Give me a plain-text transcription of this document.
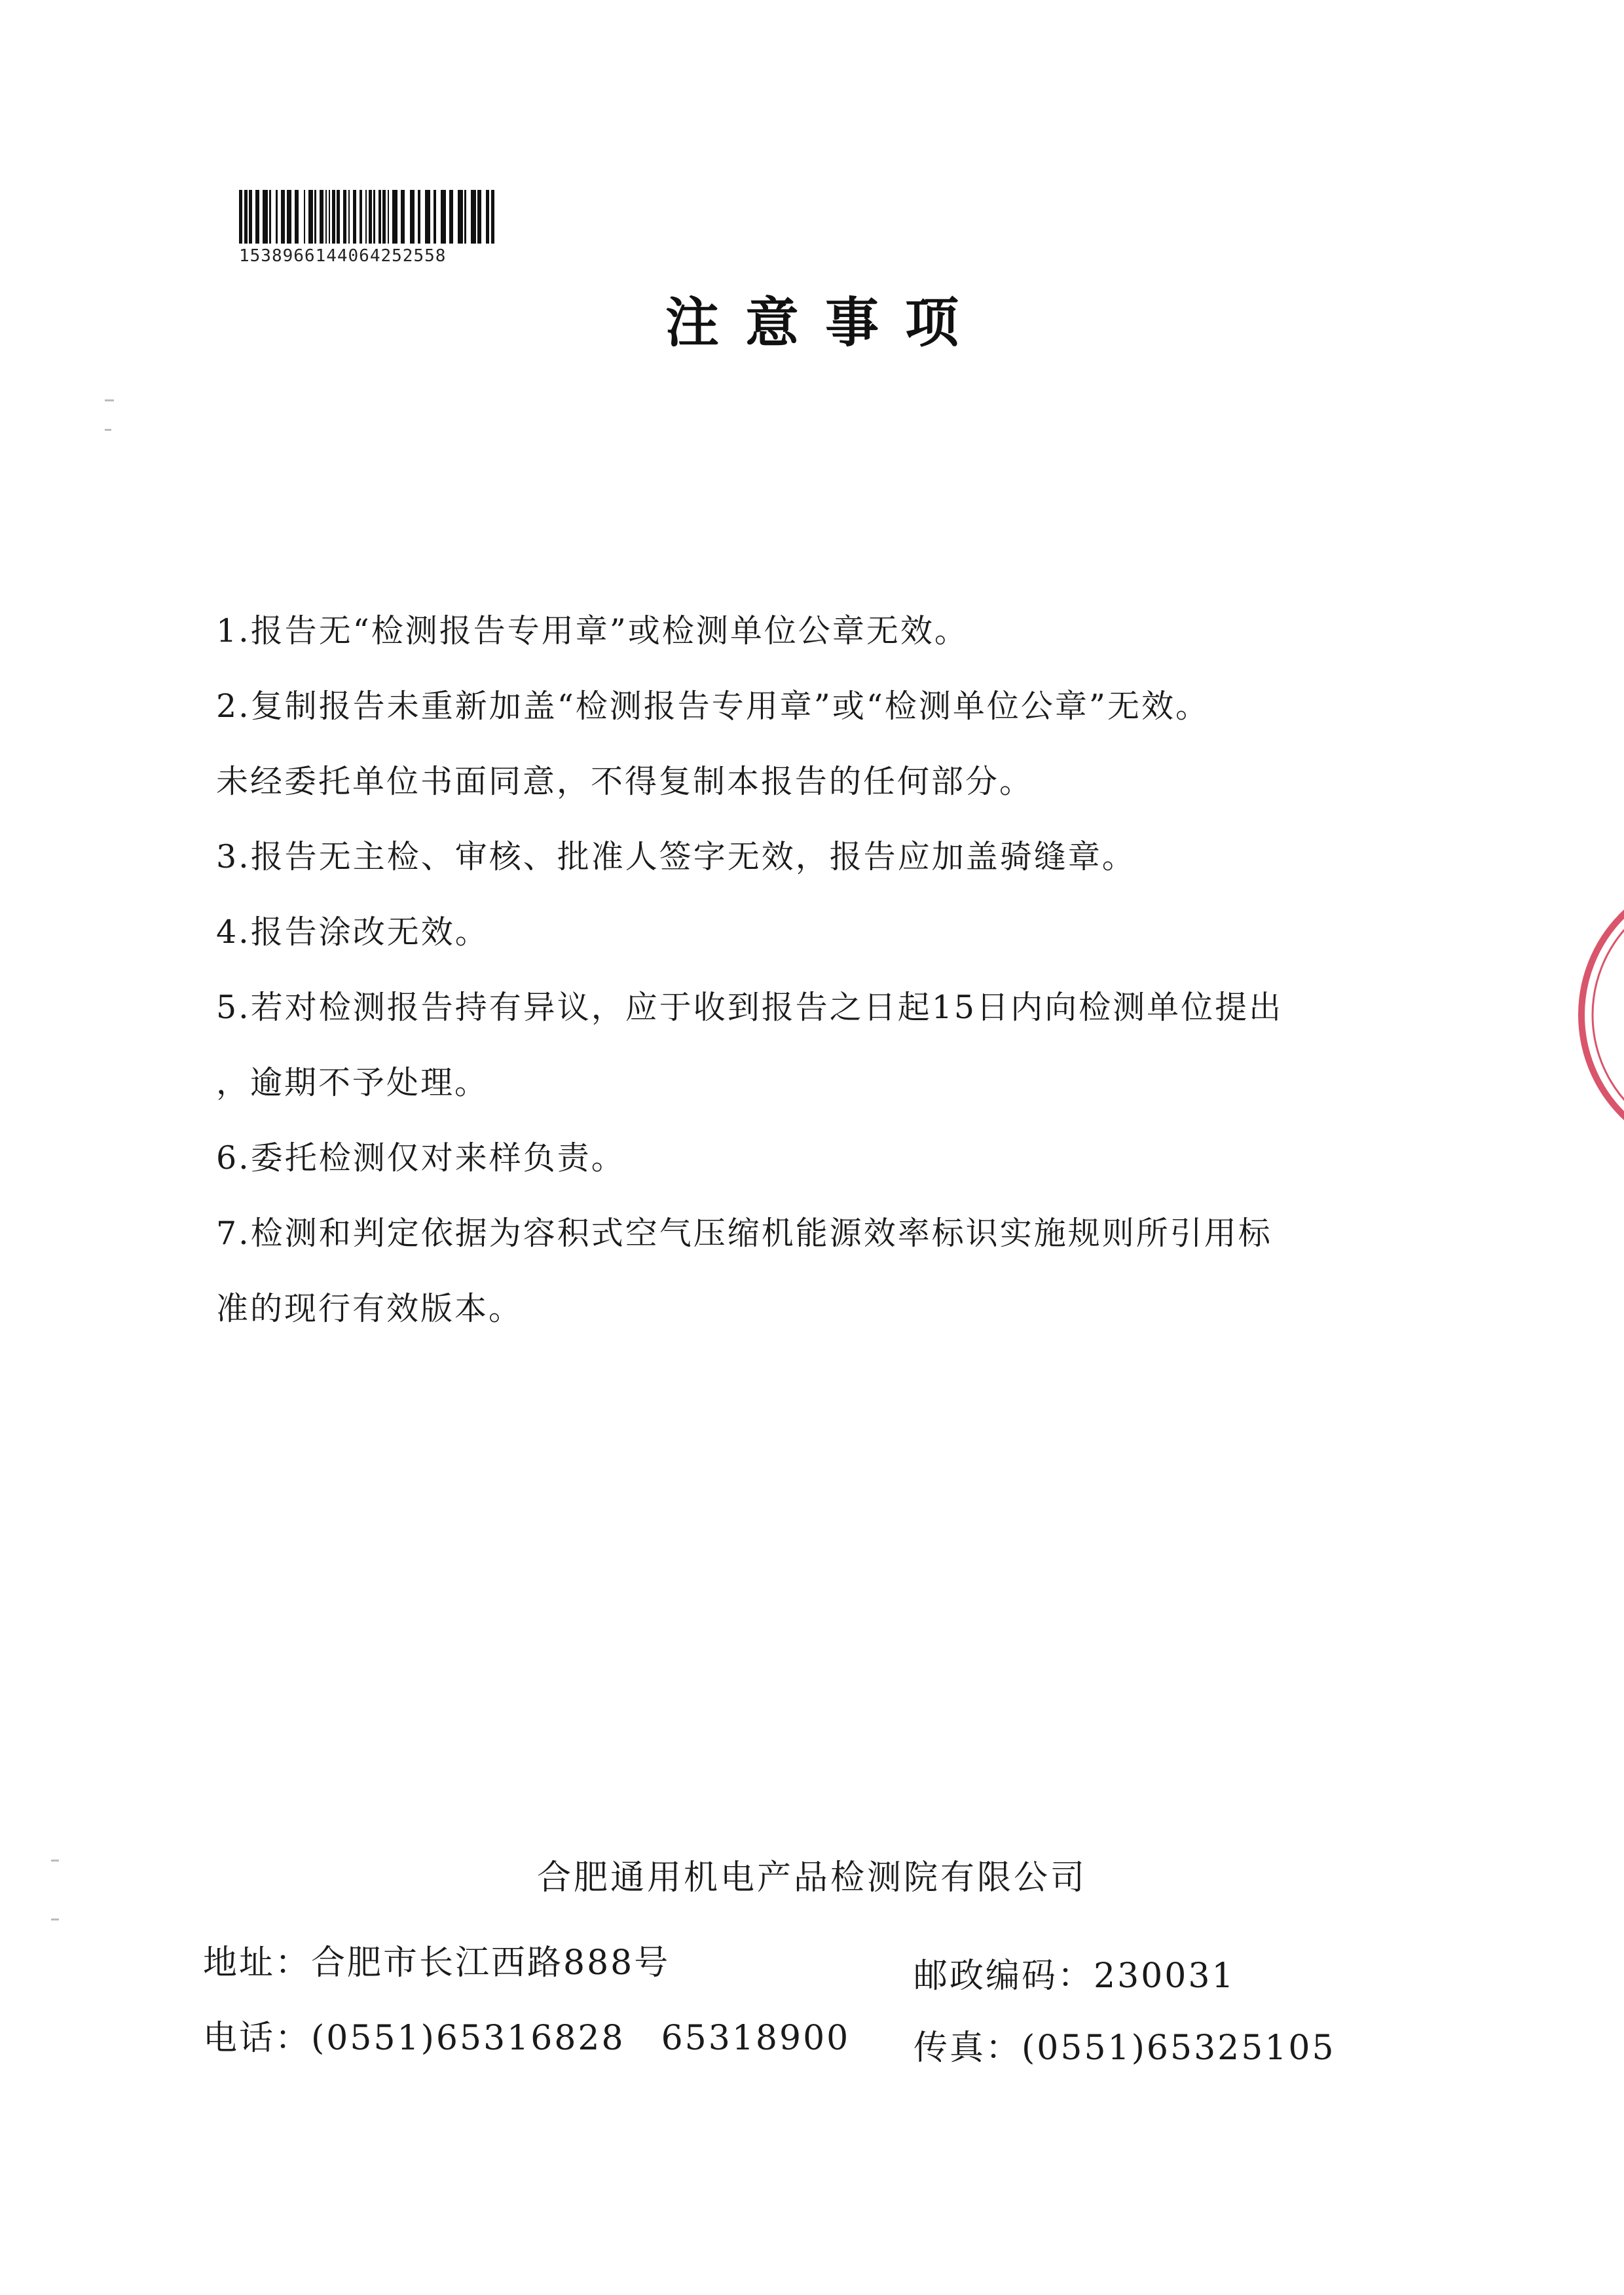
1538966144064252558
注意事项
1.报告无“检测报告专用章”或检测单位公章无效。
2.复制报告未重新加盖“检测报告专用章”或“检测单位公章”无效。
未经委托单位书面同意，不得复制本报告的任何部分。
3.报告无主检、审核、批准人签字无效，报告应加盖骑缝章。
4.报告涂改无效。
5.若对检测报告持有异议，应于收到报告之日起15日内向检测单位提出
，逾期不予处理。
6.委托检测仅对来样负责。
7.检测和判定依据为容积式空气压缩机能源效率标识实施规则所引用标
准的现行有效版本。
合肥通用机电产品检测院有限公司
地址：合肥市长江西路888号	邮政编码：230031
电话：(0551)65316828　65318900 传真：(0551)65325105
